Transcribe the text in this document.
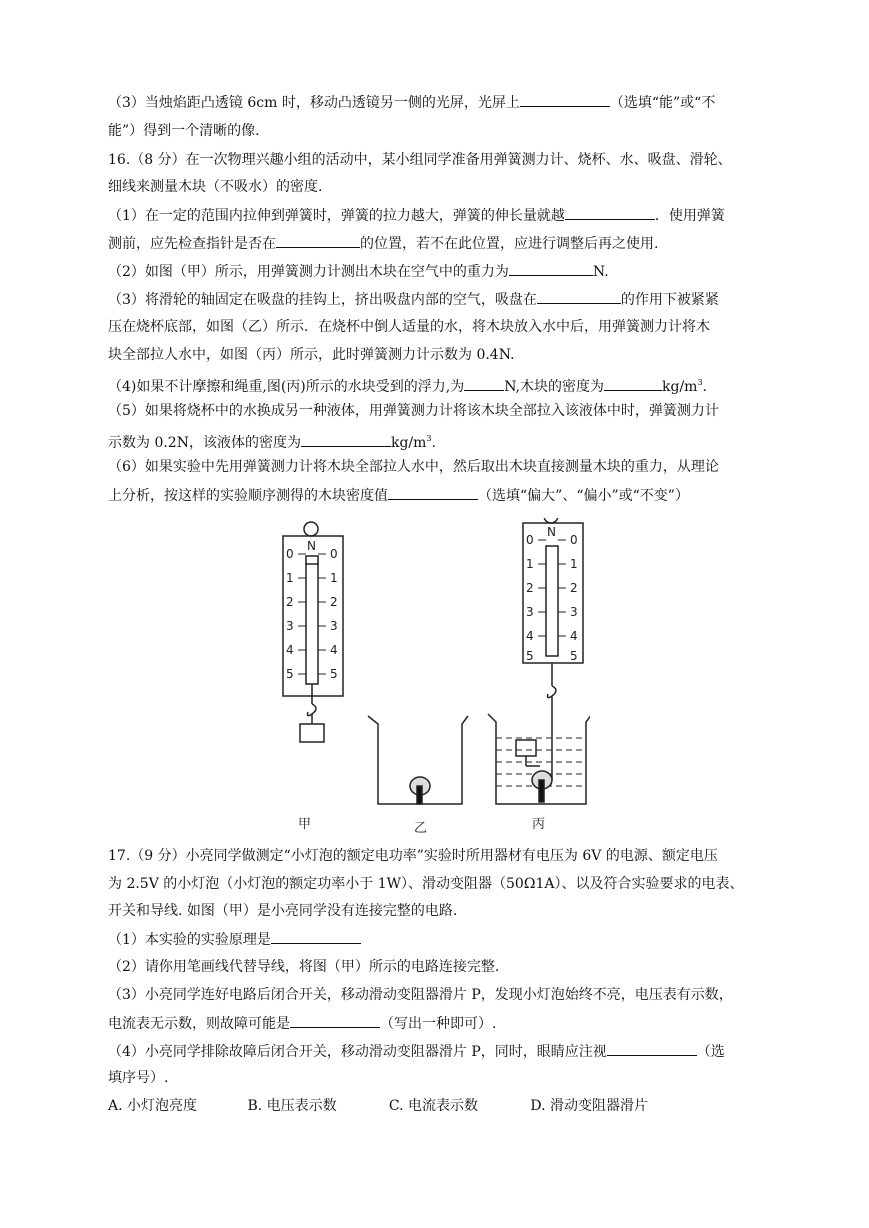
（3）当烛焰距凸透镜 6cm 时，移动凸透镜另一侧的光屏，光屏上	（选填“能”或“不
能”）得到一个清晰的像.
16.（8 分）在一次物理兴趣小组的活动中，某小组同学准备用弹簧测力计、烧杯、水、吸盘、滑轮、
细线来测量木块（不吸水）的密度.
（1）在一定的范围内拉伸到弹簧时，弹簧的拉力越大，弹簧的伸长量就越	．使用弹簧
测前，应先检查指针是否在	的位置，若不在此位置，应进行调整后再之使用.
（2）如图（甲）所示，用弹簧测力计测出木块在空气中的重力为	N.
（3）将滑轮的轴固定在吸盘的挂钩上，挤出吸盘内部的空气，吸盘在	的作用下被紧紧
压在烧杯底部，如图（乙）所示．在烧杯中倒人适量的水，将木块放入水中后，用弹簧测力计将木
块全部拉人水中，如图（丙）所示，此时弹簧测力计示数为 0.4N.
（4)如果不计摩擦和绳重,图(丙)所示的水块受到的浮力,为	N,木块的密度为	$kg/m^3$.
（5）如果将烧杯中的水换成另一种液体，用弹簧测力计将该木块全部拉入该液体中时，弹簧测力计
示数为 0.2N，该液体的密度为	$kg/m^3$.
（6）如果实验中先用弹簧测力计将木块全部拉人水中，然后取出木块直接测量木块的重力，从理论
上分析，按这样的实验顺序测得的木块密度值	（选填“偏大”、“偏小”或“不变”）
N
0	0
1	1
2	2
3	3
4	4
5	5
N
0	0
1	1
2	2
3	3
4	4
5	5
甲	乙	丙
17.（9 分）小亮同学做测定“小灯泡的额定电功率”实验时所用器材有电压为 6V 的电源、额定电压
为 2.5V 的小灯泡（小灯泡的额定功率小于 1W）、滑动变阻器（50Ω1A）、以及符合实验要求的电表、
开关和导线. 如图（甲）是小亮同学没有连接完整的电路.
（1）本实验的实验原理是
（2）请你用笔画线代替导线，将图（甲）所示的电路连接完整.
（3）小亮同学连好电路后闭合开关，移动滑动变阻器滑片 P，发现小灯泡始终不亮，电压表有示数，
电流表无示数，则故障可能是	（写出一种即可）.
（4）小亮同学排除故障后闭合开关，移动滑动变阻器滑片 P，同时，眼睛应注视	（选
填序号）.
A. 小灯泡亮度	B. 电压表示数	C. 电流表示数	D. 滑动变阻器滑片
